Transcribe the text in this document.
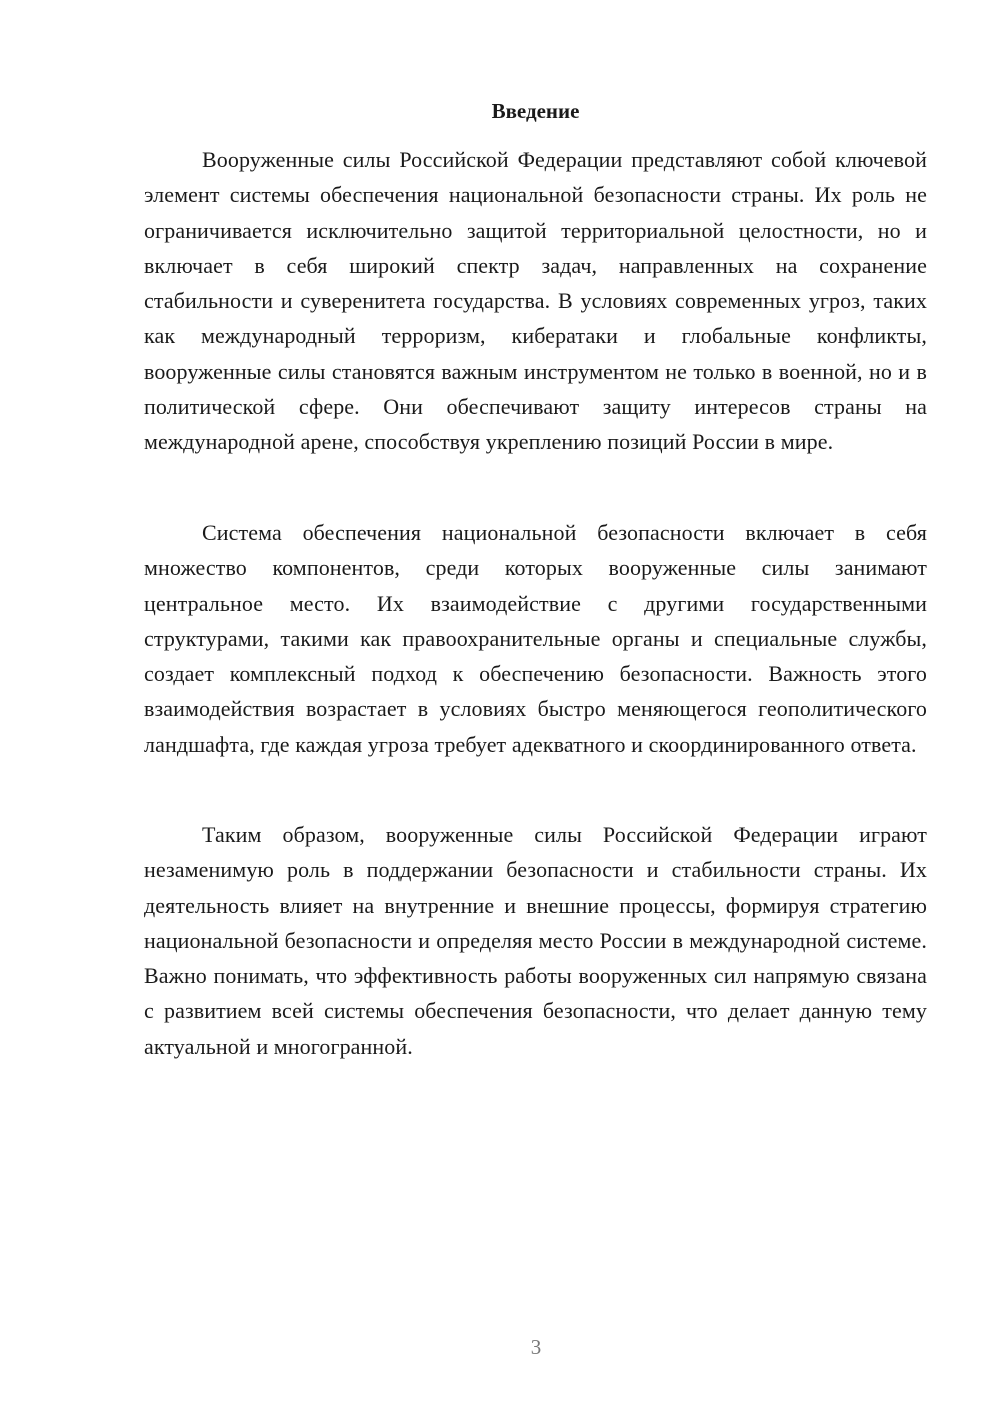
Введение

Вооруженные силы Российской Федерации представляют собой ключевой элемент системы обеспечения национальной безопасности страны. Их роль не ограничивается исключительно защитой территориальной целостности, но и включает в себя широкий спектр задач, направленных на сохранение стабильности и суверенитета государства. В условиях современных угроз, таких как международный терроризм, кибератаки и глобальные конфликты, вооруженные силы становятся важным инструментом не только в военной, но и в политической сфере. Они обеспечивают защиту интересов страны на международной арене, способствуя укреплению позиций России в мире.

Система обеспечения национальной безопасности включает в себя множество компонентов, среди которых вооруженные силы занимают центральное место. Их взаимодействие с другими государственными структурами, такими как правоохранительные органы и специальные службы, создает комплексный подход к обеспечению безопасности. Важность этого взаимодействия возрастает в условиях быстро меняющегося геополитического ландшафта, где каждая угроза требует адекватного и скоординированного ответа.

Таким образом, вооруженные силы Российской Федерации играют незаменимую роль в поддержании безопасности и стабильности страны. Их деятельность влияет на внутренние и внешние процессы, формируя стратегию национальной безопасности и определяя место России в международной системе. Важно понимать, что эффективность работы вооруженных сил напрямую связана с развитием всей системы обеспечения безопасности, что делает данную тему актуальной и многогранной.

3
